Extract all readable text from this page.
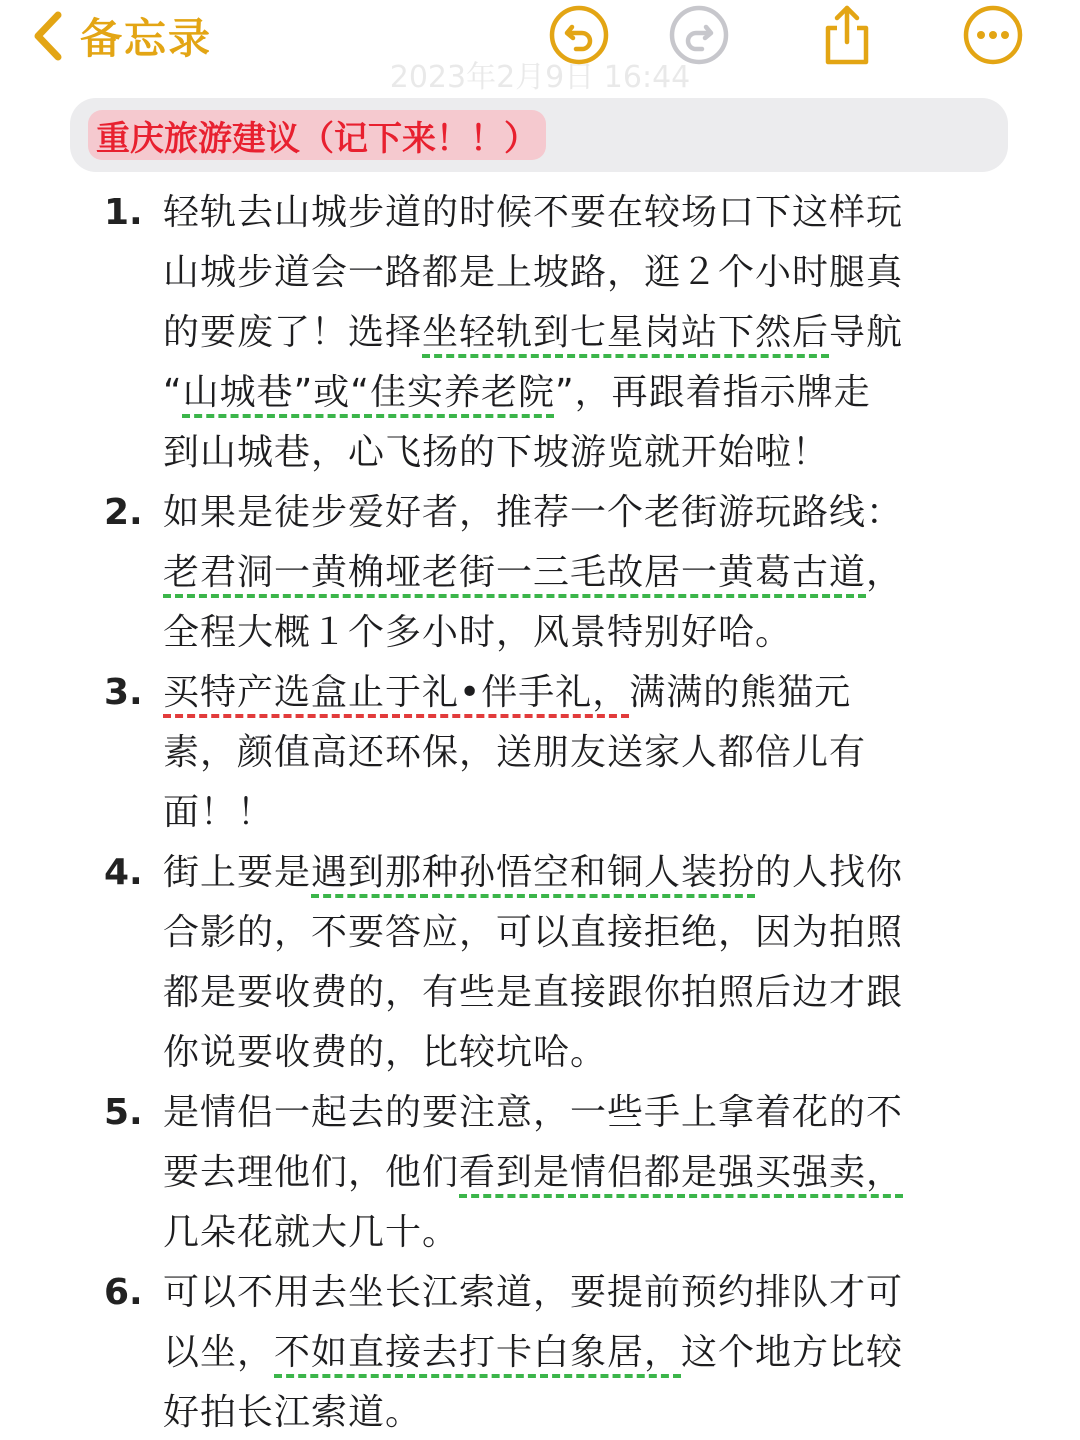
备忘录
2023年2月9日 16:44
重庆旅游建议（记下来！！）
1. 轻轨去山城步道的时候不要在较场口下这样玩
山城步道会一路都是上坡路，逛２个小时腿真
的要废了！选择坐轻轨到七星岗站下然后导航
“山城巷”或“佳实养老院”，再跟着指示牌走
到山城巷，心飞扬的下坡游览就开始啦！
2. 如果是徒步爱好者，推荐一个老街游玩路线：
老君洞一黄桷垭老街一三毛故居一黄葛古道，
全程大概１个多小时，风景特别好哈。
3. 买特产选盒止于礼•伴手礼，满满的熊猫元
素，颜值高还环保，送朋友送家人都倍儿有
面！！
4. 街上要是遇到那种孙悟空和铜人装扮的人找你
合影的，不要答应，可以直接拒绝，因为拍照
都是要收费的，有些是直接跟你拍照后边才跟
你说要收费的，比较坑哈。
5. 是情侣一起去的要注意，一些手上拿着花的不
要去理他们，他们看到是情侣都是强买强卖，
几朵花就大几十。
6. 可以不用去坐长江索道，要提前预约排队才可
以坐，不如直接去打卡白象居，这个地方比较
好拍长江索道。
